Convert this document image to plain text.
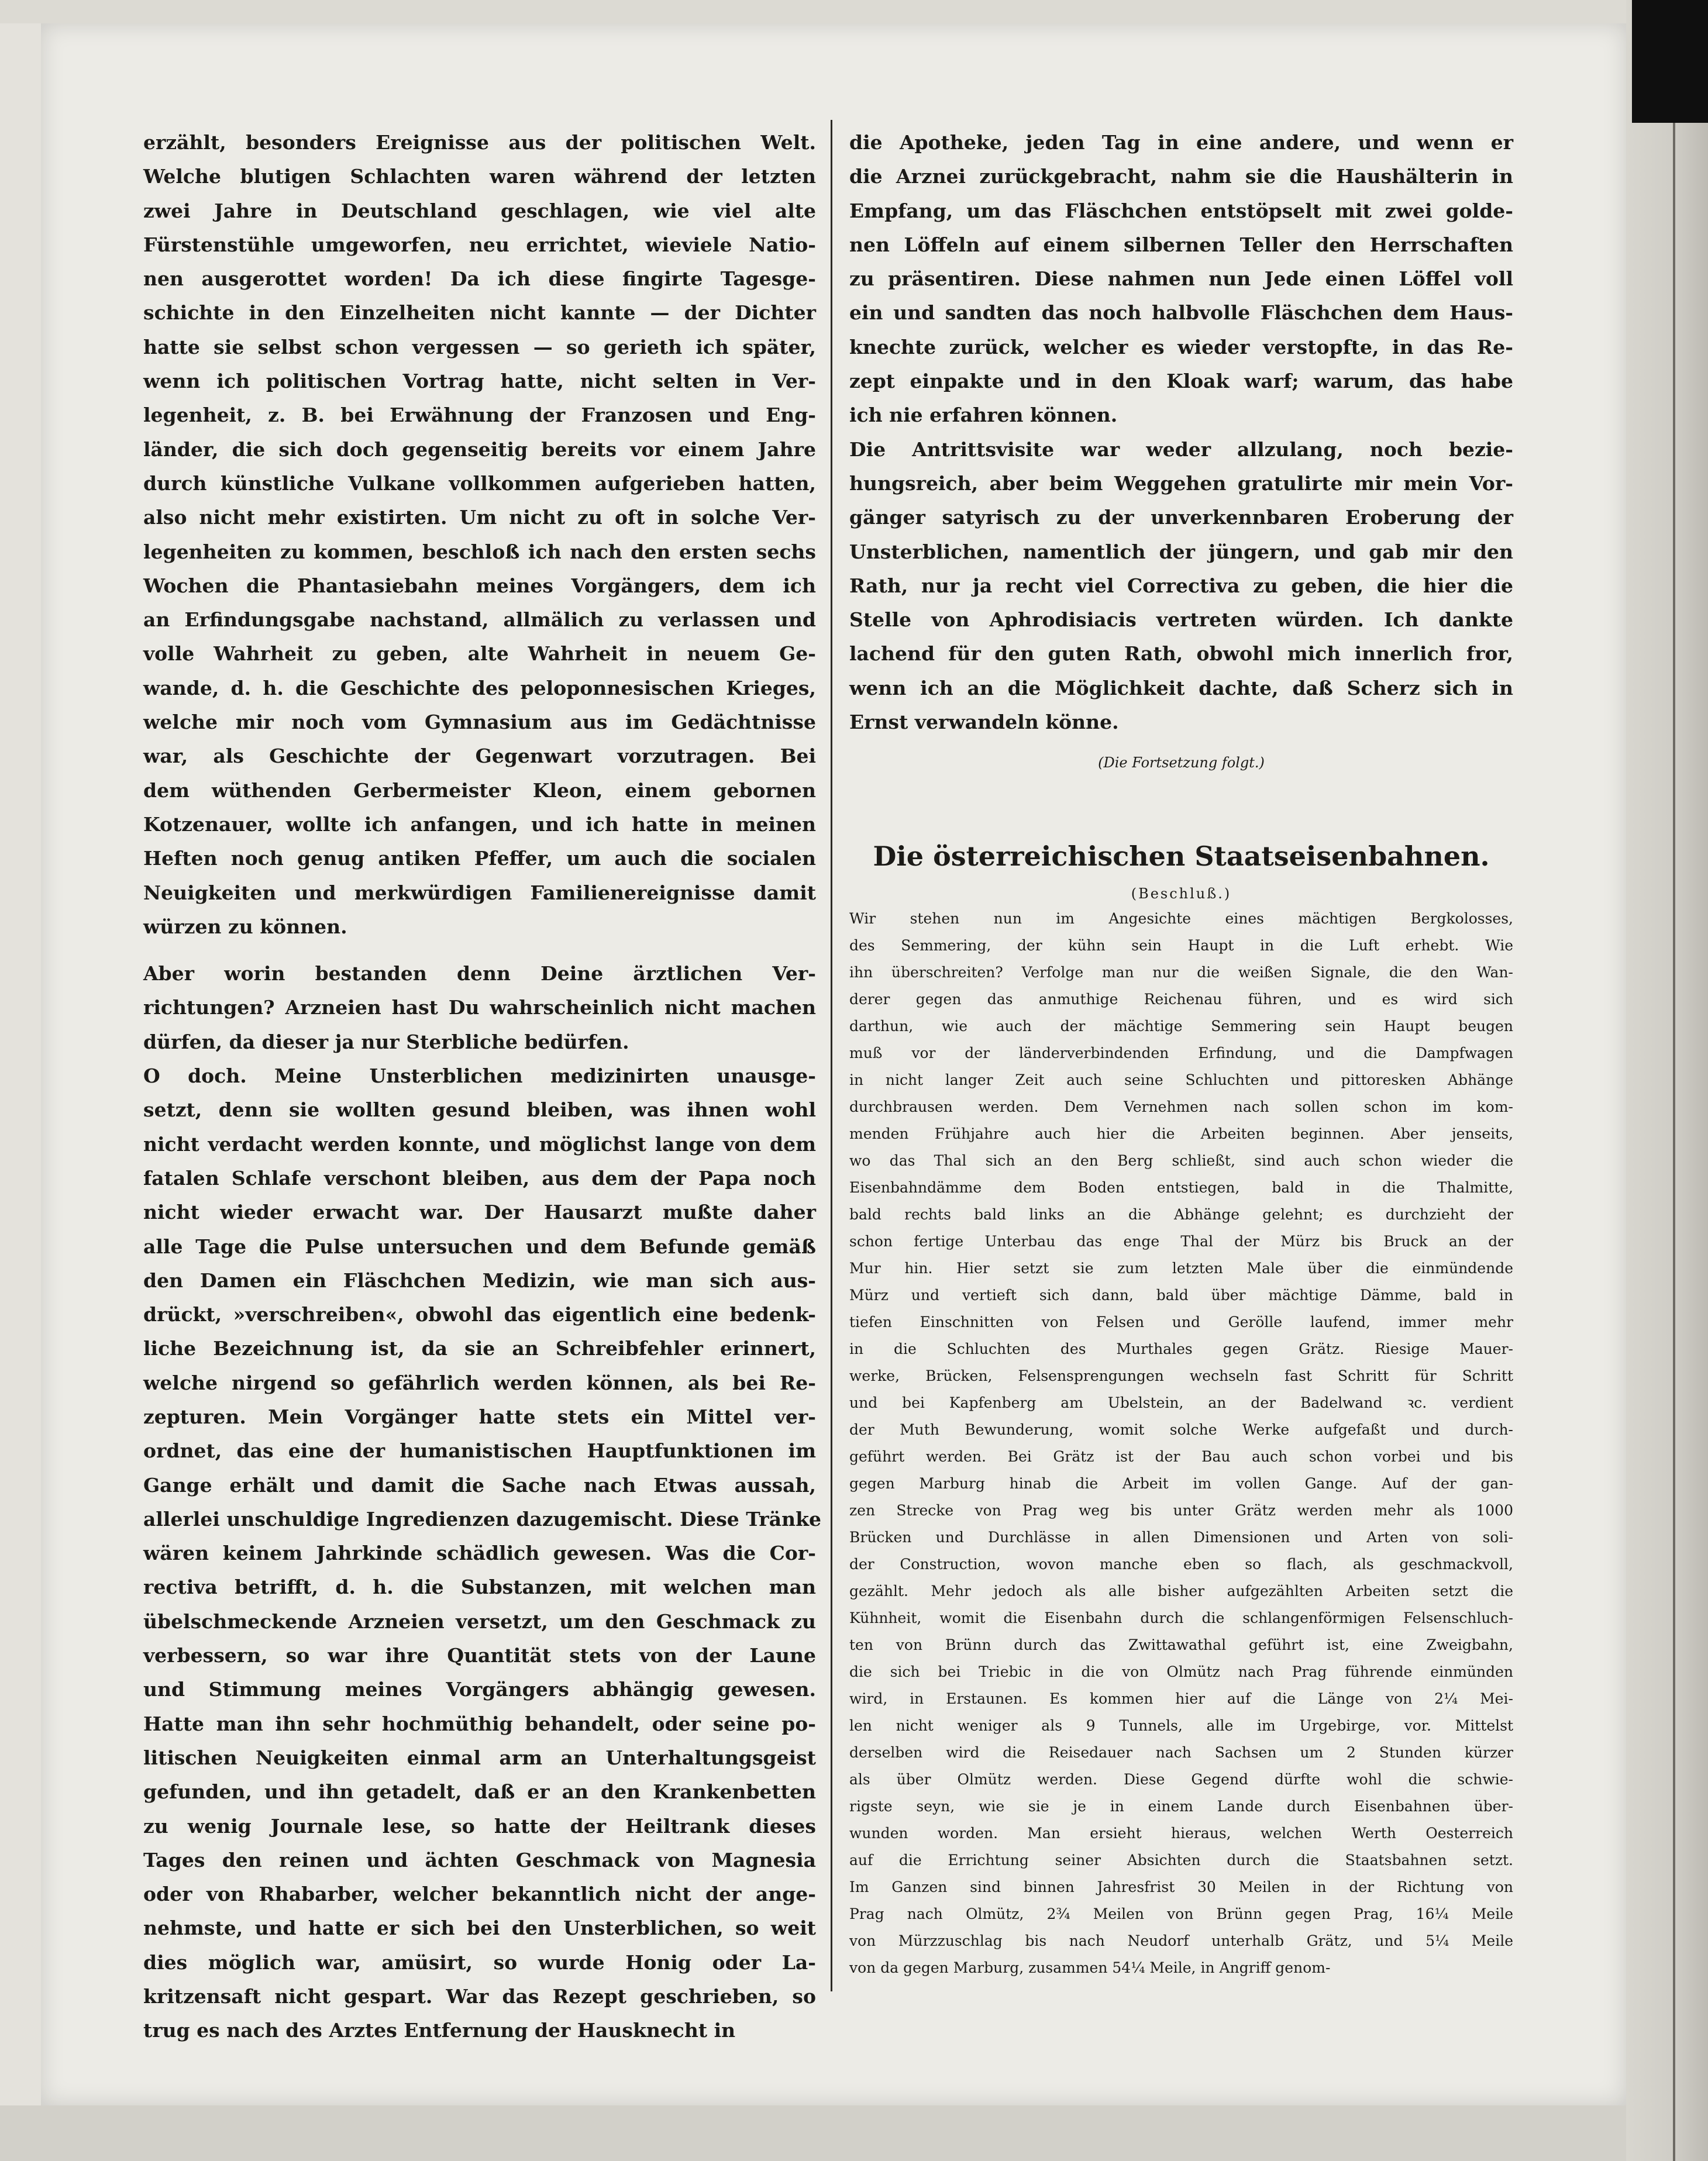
erzählt, besonders Ereignisse aus der politischen Welt.
Welche blutigen Schlachten waren während der letzten
zwei Jahre in Deutschland geschlagen, wie viel alte
Fürstenstühle umgeworfen, neu errichtet, wieviele Natio-
nen ausgerottet worden! Da ich diese fingirte Tagesge-
schichte in den Einzelheiten nicht kannte — der Dichter
hatte sie selbst schon vergessen — so gerieth ich später,
wenn ich politischen Vortrag hatte, nicht selten in Ver-
legenheit, z. B. bei Erwähnung der Franzosen und Eng-
länder, die sich doch gegenseitig bereits vor einem Jahre
durch künstliche Vulkane vollkommen aufgerieben hatten,
also nicht mehr existirten. Um nicht zu oft in solche Ver-
legenheiten zu kommen, beschloß ich nach den ersten sechs
Wochen die Phantasiebahn meines Vorgängers, dem ich
an Erfindungsgabe nachstand, allmälich zu verlassen und
volle Wahrheit zu geben, alte Wahrheit in neuem Ge-
wande, d. h. die Geschichte des peloponnesischen Krieges,
welche mir noch vom Gymnasium aus im Gedächtnisse
war, als Geschichte der Gegenwart vorzutragen. Bei
dem wüthenden Gerbermeister Kleon, einem gebornen
Kotzenauer, wollte ich anfangen, und ich hatte in meinen
Heften noch genug antiken Pfeffer, um auch die socialen
Neuigkeiten und merkwürdigen Familienereignisse damit
würzen zu können.
Aber worin bestanden denn Deine ärztlichen Ver-
richtungen? Arzneien hast Du wahrscheinlich nicht machen
dürfen, da dieser ja nur Sterbliche bedürfen.
O doch. Meine Unsterblichen medizinirten unausge-
setzt, denn sie wollten gesund bleiben, was ihnen wohl
nicht verdacht werden konnte, und möglichst lange von dem
fatalen Schlafe verschont bleiben, aus dem der Papa noch
nicht wieder erwacht war. Der Hausarzt mußte daher
alle Tage die Pulse untersuchen und dem Befunde gemäß
den Damen ein Fläschchen Medizin, wie man sich aus-
drückt, »verschreiben«, obwohl das eigentlich eine bedenk-
liche Bezeichnung ist, da sie an Schreibfehler erinnert,
welche nirgend so gefährlich werden können, als bei Re-
zepturen. Mein Vorgänger hatte stets ein Mittel ver-
ordnet, das eine der humanistischen Hauptfunktionen im
Gange erhält und damit die Sache nach Etwas aussah,
allerlei unschuldige Ingredienzen dazugemischt. Diese Tränke
wären keinem Jahrkinde schädlich gewesen. Was die Cor-
rectiva betrifft, d. h. die Substanzen, mit welchen man
übelschmeckende Arzneien versetzt, um den Geschmack zu
verbessern, so war ihre Quantität stets von der Laune
und Stimmung meines Vorgängers abhängig gewesen.
Hatte man ihn sehr hochmüthig behandelt, oder seine po-
litischen Neuigkeiten einmal arm an Unterhaltungsgeist
gefunden, und ihn getadelt, daß er an den Krankenbetten
zu wenig Journale lese, so hatte der Heiltrank dieses
Tages den reinen und ächten Geschmack von Magnesia
oder von Rhabarber, welcher bekanntlich nicht der ange-
nehmste, und hatte er sich bei den Unsterblichen, so weit
dies möglich war, amüsirt, so wurde Honig oder La-
kritzensaft nicht gespart. War das Rezept geschrieben, so
trug es nach des Arztes Entfernung der Hausknecht in
die Apotheke, jeden Tag in eine andere, und wenn er
die Arznei zurückgebracht, nahm sie die Haushälterin in
Empfang, um das Fläschchen entstöpselt mit zwei golde-
nen Löffeln auf einem silbernen Teller den Herrschaften
zu präsentiren. Diese nahmen nun Jede einen Löffel voll
ein und sandten das noch halbvolle Fläschchen dem Haus-
knechte zurück, welcher es wieder verstopfte, in das Re-
zept einpakte und in den Kloak warf; warum, das habe
ich nie erfahren können.
Die Antrittsvisite war weder allzulang, noch bezie-
hungsreich, aber beim Weggehen gratulirte mir mein Vor-
gänger satyrisch zu der unverkennbaren Eroberung der
Unsterblichen, namentlich der jüngern, und gab mir den
Rath, nur ja recht viel Correctiva zu geben, die hier die
Stelle von Aphrodisiacis vertreten würden. Ich dankte
lachend für den guten Rath, obwohl mich innerlich fror,
wenn ich an die Möglichkeit dachte, daß Scherz sich in
Ernst verwandeln könne.
(Die Fortsetzung folgt.)
Die österreichischen Staatseisenbahnen.
(Beschluß.)
Wir stehen nun im Angesichte eines mächtigen Bergkolosses,
des Semmering, der kühn sein Haupt in die Luft erhebt. Wie
ihn überschreiten? Verfolge man nur die weißen Signale, die den Wan-
derer gegen das anmuthige Reichenau führen, und es wird sich
darthun, wie auch der mächtige Semmering sein Haupt beugen
muß vor der länderverbindenden Erfindung, und die Dampfwagen
in nicht langer Zeit auch seine Schluchten und pittoresken Abhänge
durchbrausen werden. Dem Vernehmen nach sollen schon im kom-
menden Frühjahre auch hier die Arbeiten beginnen. Aber jenseits,
wo das Thal sich an den Berg schließt, sind auch schon wieder die
Eisenbahndämme dem Boden entstiegen, bald in die Thalmitte,
bald rechts bald links an die Abhänge gelehnt; es durchzieht der
schon fertige Unterbau das enge Thal der Mürz bis Bruck an der
Mur hin. Hier setzt sie zum letzten Male über die einmündende
Mürz und vertieft sich dann, bald über mächtige Dämme, bald in
tiefen Einschnitten von Felsen und Gerölle laufend, immer mehr
in die Schluchten des Murthales gegen Grätz. Riesige Mauer-
werke, Brücken, Felsensprengungen wechseln fast Schritt für Schritt
und bei Kapfenberg am Ubelstein, an der Badelwand ꝛc. verdient
der Muth Bewunderung, womit solche Werke aufgefaßt und durch-
geführt werden. Bei Grätz ist der Bau auch schon vorbei und bis
gegen Marburg hinab die Arbeit im vollen Gange. Auf der gan-
zen Strecke von Prag weg bis unter Grätz werden mehr als 1000
Brücken und Durchlässe in allen Dimensionen und Arten von soli-
der Construction, wovon manche eben so flach, als geschmackvoll,
gezählt. Mehr jedoch als alle bisher aufgezählten Arbeiten setzt die
Kühnheit, womit die Eisenbahn durch die schlangenförmigen Felsenschluch-
ten von Brünn durch das Zwittawathal geführt ist, eine Zweigbahn,
die sich bei Triebic in die von Olmütz nach Prag führende einmünden
wird, in Erstaunen. Es kommen hier auf die Länge von 2¼ Mei-
len nicht weniger als 9 Tunnels, alle im Urgebirge, vor. Mittelst
derselben wird die Reisedauer nach Sachsen um 2 Stunden kürzer
als über Olmütz werden. Diese Gegend dürfte wohl die schwie-
rigste seyn, wie sie je in einem Lande durch Eisenbahnen über-
wunden worden. Man ersieht hieraus, welchen Werth Oesterreich
auf die Errichtung seiner Absichten durch die Staatsbahnen setzt.
Im Ganzen sind binnen Jahresfrist 30 Meilen in der Richtung von
Prag nach Olmütz, 2¾ Meilen von Brünn gegen Prag, 16¼ Meile
von Mürzzuschlag bis nach Neudorf unterhalb Grätz, und 5¼ Meile
von da gegen Marburg, zusammen 54¼ Meile, in Angriff genom-
